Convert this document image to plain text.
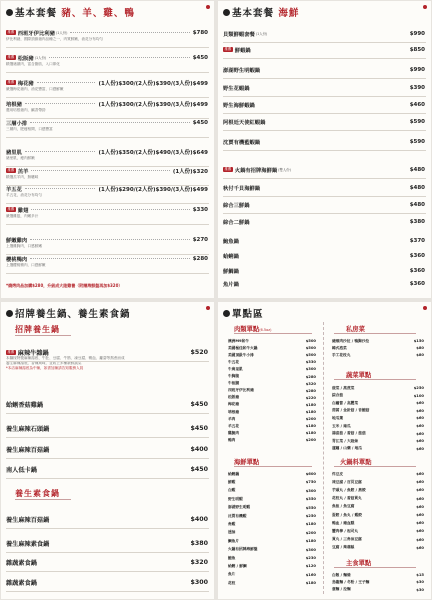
基本套餐 豬、羊、雞、鴨
推薦 西班牙伊比利豬 (1人份)	$780
伊比利豬，國際頂級豬肉品種之一，肉質鮮嫩，油花分布均勻
推薦 松阪豬 (1人份)	$450
精選豬頸肉，富含脂肪，入口即化
推薦 梅花豬	(1人份)$300/(2人份)$390/(3人份)$499
嚴選梅花豬肉，油花豐富，口感鮮嫩
培根豬	(1人份)$300/(2人份)$390/(3人份)$499
選用培根豬肉，鹹香帶勁
三層小排	$450
三層肉，肥瘦相間，口感豐富
豬里肌	(1人份)$350/(2人份)$490/(3人份)$649
豬里肌，瘦肉鮮嫩
推薦 羔羊	(1人份)$320
精選羔羊肉，無騷味
羊五花	(1人份)$290/(2人份)$390/(3人份)$499
羊五花，油花分布均勻
推薦 雞翅	$330
嚴選雞翅，肉嫩多汁
鮮嫩雞肉	$270
上選雞胸肉，口感鮮嫩
櫻桃鴨肉	$280
上選櫻桃鴨肉，口感鮮嫩
*燒烤肉品加購$280，升級成大陸雞養（附贈海鮮盤再加$320）
基本套餐 海鮮
貝類鮮蝦套餐 (1人份)	$990
推薦 鮮蝦鍋	$850
澎湖野生明蝦鍋	$990
野生花蝦鍋	$390
野生海鮮蝦鍋	$460
阿根廷天使紅蝦鍋	$590
沈賈有機藍蝦鍋	$590
推薦 火鍋有招牌海鮮鍋 (雙人份)	$480
秋付千貝海鮮鍋	$480
綜合三鮮鍋	$480
綜合二鮮鍋	$380
鮑魚鍋	$370
蛤蜊鍋	$360
鮮鯛鍋	$360
魚片鍋	$360
招牌養生鍋、養生素食鍋
招牌養生鍋
養生素食鍋
本鍋採特製麻辣湯底、牛肚、豆腐、牛筋、凍豆腐、鴨血、蘿蔔等熬煮而成
養生麻辣湯底，香辣夠味，並附上多種新鮮蔬菜
*本店麻辣湯底為中辣，如需加辣請告知服務人員
推薦 麻辣牛雜鍋	$520
蛤蜊香菇雞鍋	$450
養生麻辣石頭鍋	$450
養生麻辣百菇鍋	$400
南人低卡鍋	$450
養生麻辣百菇鍋	$400
養生麻辣素食鍋	$380
雜蔬素食鍋	$320
雜蔬素食鍋	$300
單點區
肉類單點(6.5oz)	私房菜
蔬菜單點
海鮮單點	火鍋料單點
主食單點
澳洲M9和牛	$500
美國極佳和牛火鍋	$500
美國頂級牛小排	$500
牛五花	$330
牛肩里肌	$300
牛胸腹	$280
牛板腱	$320
西班牙伊比利豬	$280
松阪豬	$220
梅花豬	$180
培根豬	$180
羊肉	$200
羊五花	$180
雞腿肉	$180
鴨肉	$200
豬頸肉沙拉 / 鴨胸沙拉	$150
韓式泡菜	$80
手工花枝丸	$80
菠菜 / 萵苣菜	$250
綜合菇	$100
白蘿蔔 / 高麗菜	$60
茼蒿 / 金針菇 / 杏鮑菇	$60
地瓜葉	$60
玉米 / 南瓜	$60
鴻喜菇 / 香菇 / 菇菇	$60
青江菜 / 大陸妹	$60
蓮藕 / 山藥 / 地瓜	$60
蛤蜊鍋	$600
鮮蝦	$750
白蝦	$300
野生明蝦	$350
澎湖野生明蝦	$550
沈賈有機蝦	$250
角蝦	$180
透抽	$200
鯛魚片	$180
火鍋有招牌海鮮盤	$300
鮑魚	$230
蛤蜊 / 鮮鯛	$120
魚片	$160
花枝	$180
炸豆皮	$60
凍豆腐 / 百頁豆腐	$60
芋頭丸 / 魚餃 / 燕餃	$60
花枝丸 / 香菇貢丸	$60
魚板 / 魚豆腐	$60
蛋餃 / 魚丸 / 蝦餃	$60
鴨血 / 豬血糕	$60
蟹肉棒 / 起司丸	$60
貢丸 / 三角油豆腐	$60
豆腐 / 蒟蒻絲	$60
白飯 / 麵條	$15
烏龍麵 / 冬粉 / 王子麵	$30
意麵 / 拉麵	$30
